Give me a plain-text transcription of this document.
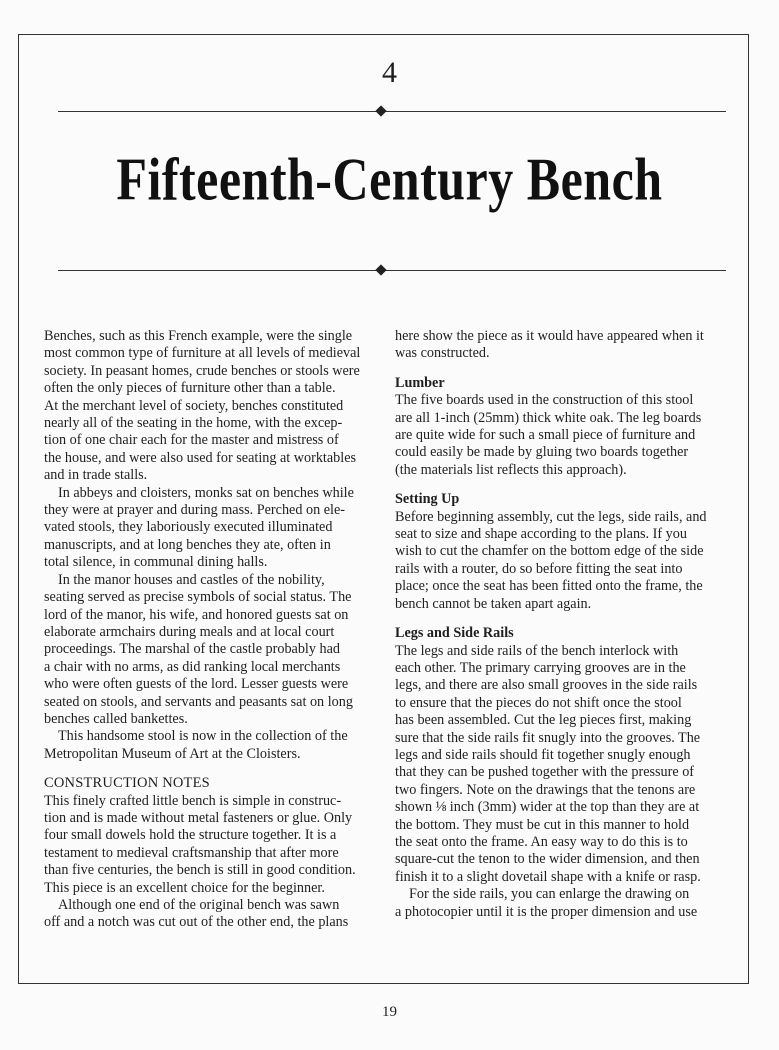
4
Fifteenth-Century Bench
Benches, such as this French example, were the single
most common type of furniture at all levels of medieval
society. In peasant homes, crude benches or stools were
often the only pieces of furniture other than a table.
At the merchant level of society, benches constituted
nearly all of the seating in the home, with the excep-
tion of one chair each for the master and mistress of
the house, and were also used for seating at worktables
and in trade stalls.
In abbeys and cloisters, monks sat on benches while
they were at prayer and during mass. Perched on ele-
vated stools, they laboriously executed illuminated
manuscripts, and at long benches they ate, often in
total silence, in communal dining halls.
In the manor houses and castles of the nobility,
seating served as precise symbols of social status. The
lord of the manor, his wife, and honored guests sat on
elaborate armchairs during meals and at local court
proceedings. The marshal of the castle probably had
a chair with no arms, as did ranking local merchants
who were often guests of the lord. Lesser guests were
seated on stools, and servants and peasants sat on long
benches called bankettes.
This handsome stool is now in the collection of the
Metropolitan Museum of Art at the Cloisters.
CONSTRUCTION NOTES
This finely crafted little bench is simple in construc-
tion and is made without metal fasteners or glue. Only
four small dowels hold the structure together. It is a
testament to medieval craftsmanship that after more
than five centuries, the bench is still in good condition.
This piece is an excellent choice for the beginner.
Although one end of the original bench was sawn
off and a notch was cut out of the other end, the plans
here show the piece as it would have appeared when it
was constructed.
Lumber
The five boards used in the construction of this stool
are all 1-inch (25mm) thick white oak. The leg boards
are quite wide for such a small piece of furniture and
could easily be made by gluing two boards together
(the materials list reflects this approach).
Setting Up
Before beginning assembly, cut the legs, side rails, and
seat to size and shape according to the plans. If you
wish to cut the chamfer on the bottom edge of the side
rails with a router, do so before fitting the seat into
place; once the seat has been fitted onto the frame, the
bench cannot be taken apart again.
Legs and Side Rails
The legs and side rails of the bench interlock with
each other. The primary carrying grooves are in the
legs, and there are also small grooves in the side rails
to ensure that the pieces do not shift once the stool
has been assembled. Cut the leg pieces first, making
sure that the side rails fit snugly into the grooves. The
legs and side rails should fit together snugly enough
that they can be pushed together with the pressure of
two fingers. Note on the drawings that the tenons are
shown ⅛ inch (3mm) wider at the top than they are at
the bottom. They must be cut in this manner to hold
the seat onto the frame. An easy way to do this is to
square-cut the tenon to the wider dimension, and then
finish it to a slight dovetail shape with a knife or rasp.
For the side rails, you can enlarge the drawing on
a photocopier until it is the proper dimension and use
19
